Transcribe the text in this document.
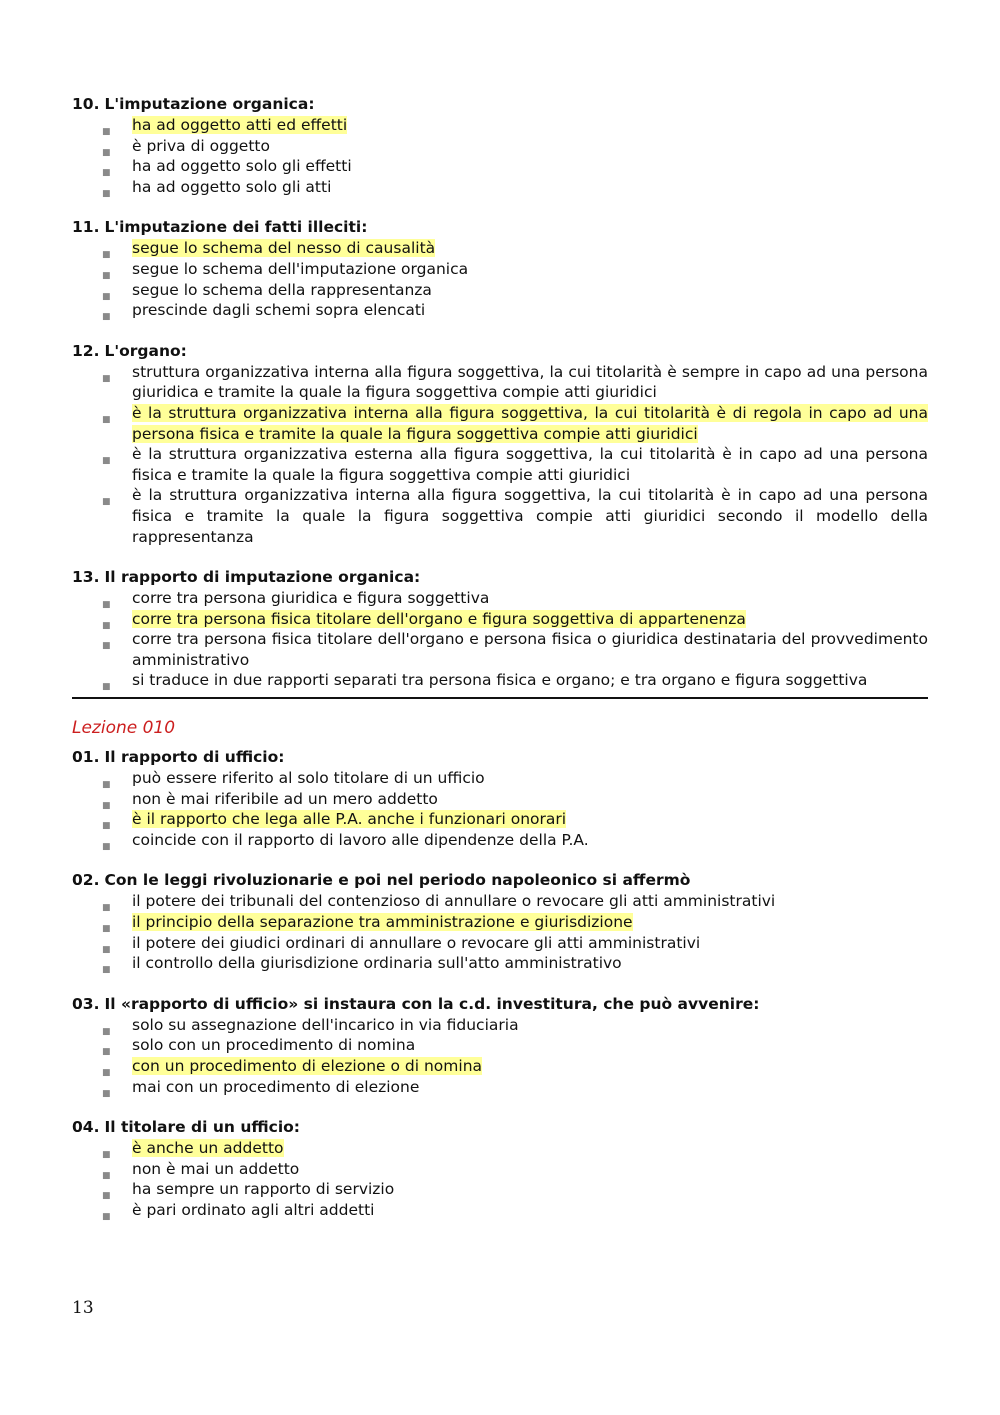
10. L'imputazione organica:

■ ha ad oggetto atti ed effetti
■ è priva di oggetto
■ ha ad oggetto solo gli effetti
■ ha ad oggetto solo gli atti

11. L'imputazione dei fatti illeciti:

■ segue lo schema del nesso di causalità
■ segue lo schema dell'imputazione organica
■ segue lo schema della rappresentanza
■ prescinde dagli schemi sopra elencati

12. L'organo:

■ struttura organizzativa interna alla figura soggettiva, la cui titolarità è sempre in capo ad una persona giuridica e tramite la quale la figura soggettiva compie atti giuridici
■ è la struttura organizzativa interna alla figura soggettiva, la cui titolarità è di regola in capo ad una persona fisica e tramite la quale la figura soggettiva compie atti giuridici
■ è la struttura organizzativa esterna alla figura soggettiva, la cui titolarità è in capo ad una persona fisica e tramite la quale la figura soggettiva compie atti giuridici
■ è la struttura organizzativa interna alla figura soggettiva, la cui titolarità è in capo ad una persona fisica e tramite la quale la figura soggettiva compie atti giuridici secondo il modello della rappresentanza

13. Il rapporto di imputazione organica:

■ corre tra persona giuridica e figura soggettiva
■ corre tra persona fisica titolare dell'organo e figura soggettiva di appartenenza
■ corre tra persona fisica titolare dell'organo e persona fisica o giuridica destinataria del provvedimento amministrativo
■ si traduce in due rapporti separati tra persona fisica e organo; e tra organo e figura soggettiva

Lezione 010

01. Il rapporto di ufficio:

■ può essere riferito al solo titolare di un ufficio
■ non è mai riferibile ad un mero addetto
■ è il rapporto che lega alle P.A. anche i funzionari onorari
■ coincide con il rapporto di lavoro alle dipendenze della P.A.

02. Con le leggi rivoluzionarie e poi nel periodo napoleonico si affermò

■ il potere dei tribunali del contenzioso di annullare o revocare gli atti amministrativi
■ il principio della separazione tra amministrazione e giurisdizione
■ il potere dei giudici ordinari di annullare o revocare gli atti amministrativi
■ il controllo della giurisdizione ordinaria sull'atto amministrativo

03. Il «rapporto di ufficio» si instaura con la c.d. investitura, che può avvenire:

■ solo su assegnazione dell'incarico in via fiduciaria
■ solo con un procedimento di nomina
■ con un procedimento di elezione o di nomina
■ mai con un procedimento di elezione

04. Il titolare di un ufficio:

■ è anche un addetto
■ non è mai un addetto
■ ha sempre un rapporto di servizio
■ è pari ordinato agli altri addetti
13
